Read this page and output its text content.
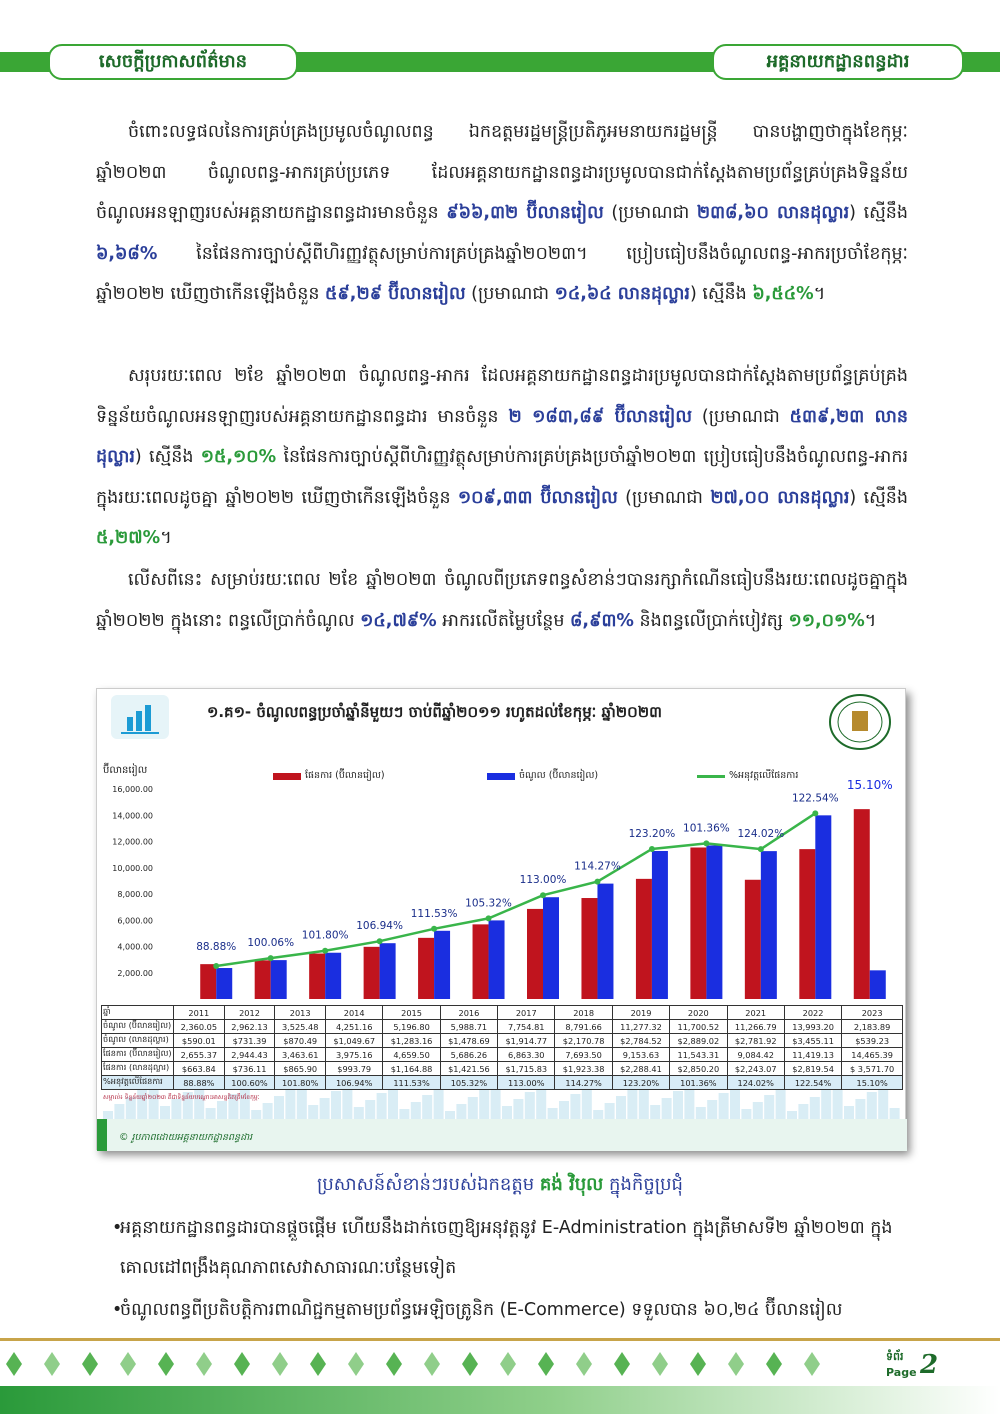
សេចក្តីប្រកាសព័ត៌មាន	អគ្គនាយកដ្ឋានពន្ធដារ
ចំពោះលទ្ធផលនៃការគ្រប់គ្រងប្រមូលចំណូលពន្ធ ឯកឧត្តមរដ្ឋមន្ត្រីប្រតិភូអមនាយករដ្ឋមន្ត្រី បានបង្ហាញថាក្នុងខែកុម្ភៈ ឆ្នាំ២០២៣ ចំណូលពន្ធ-អាករគ្រប់ប្រភេទ ដែលអគ្គនាយកដ្ឋានពន្ធដារប្រមូលបានជាក់ស្តែងតាមប្រព័ន្ធគ្រប់គ្រងទិន្នន័យចំណូលអនឡាញរបស់អគ្គនាយកដ្ឋានពន្ធដារមានចំនួន ៩៦៦,៣២ ប៊ីលានរៀល (ប្រមាណជា ២៣៨,៦០ លានដុល្លារ) ស្មើនឹង ៦,៦៨% នៃផែនការច្បាប់ស្តីពីហិរញ្ញវត្ថុសម្រាប់ការគ្រប់គ្រងឆ្នាំ២០២៣។ ប្រៀបធៀបនឹងចំណូលពន្ធ-អាករប្រចាំខែកុម្ភៈ ឆ្នាំ២០២២ ឃើញថាកើនឡើងចំនួន ៥៩,២៩ ប៊ីលានរៀល (ប្រមាណជា ១៤,៦៤ លានដុល្លារ) ស្មើនឹង ៦,៥៤%។
សរុបរយៈពេល ២ខែ ឆ្នាំ២០២៣ ចំណូលពន្ធ-អាករ ដែលអគ្គនាយកដ្ឋានពន្ធដារប្រមូលបានជាក់ស្តែងតាមប្រព័ន្ធគ្រប់គ្រងទិន្នន័យចំណូលអនឡាញរបស់អគ្គនាយកដ្ឋានពន្ធដារ មានចំនួន ២ ១៨៣,៨៩ ប៊ីលានរៀល (ប្រមាណជា ៥៣៩,២៣ លានដុល្លារ) ស្មើនឹង ១៥,១០% នៃផែនការច្បាប់ស្តីពីហិរញ្ញវត្ថុសម្រាប់ការគ្រប់គ្រងប្រចាំឆ្នាំ២០២៣ ប្រៀបធៀបនឹងចំណូលពន្ធ-អាករក្នុងរយៈពេលដូចគ្នា ឆ្នាំ២០២២ ឃើញថាកើនឡើងចំនួន ១០៩,៣៣ ប៊ីលានរៀល (ប្រមាណជា ២៧,០០ លានដុល្លារ) ស្មើនឹង ៥,២៧%។
លើសពីនេះ សម្រាប់រយៈពេល ២ខែ ឆ្នាំ២០២៣ ចំណូលពីប្រភេទពន្ធសំខាន់ៗបានរក្សាកំណើនធៀបនឹងរយៈពេលដូចគ្នាក្នុងឆ្នាំ២០២២ ក្នុងនោះ ពន្ធលើប្រាក់ចំណូល ១៤,៧៩% អាករលើតម្លៃបន្ថែម ៨,៩៣% និងពន្ធលើប្រាក់បៀវត្ស ១១,០១%។
16,000.00
14,000.00
12,000.00
10,000.00
8,000.00
6,000.00
4,000.00
2,000.00
88.88% 100.06%
101.80%
106.94%
111.53%
105.32%
113.00%
114.27%
123.20% 101.36% 124.02%
122.54%
15.10%
១.គ១- ចំណូលពន្ធប្រចាំឆ្នាំនីមួយៗ ចាប់ពីឆ្នាំ២០១១ រហូតដល់ខែកុម្ភៈ ឆ្នាំ២០២៣
ប៊ីលានរៀល	ផែនការ (ប៊ីលានរៀល)	ចំណូល (ប៊ីលានរៀល)	%អនុវត្តលើផែនការ
ឆ្នាំ	2011	2012	2013	2014	2015	2016	2017	2018	2019	2020	2021	2022	2023
ចំណូល (ប៊ីលានរៀល)	2,360.05	2,962.13	3,525.48	4,251.16	5,196.80	5,988.71	7,754.81	8,791.66	11,277.32	11,700.52	11,266.79	13,993.20	2,183.89
ចំណូល (លានដុល្លារ)	$590.01	$731.39	$870.49	$1,049.67	$1,283.16	$1,478.69	$1,914.77	$2,170.78	$2,784.52	$2,889.02	$2,781.92	$3,455.11	$539.23
ផែនការ (ប៊ីលានរៀល)	2,655.37	2,944.43	3,463.61	3,975.16	4,659.50	5,686.26	6,863.30	7,693.50	9,153.63	11,543.31	9,084.42	11,419.13	14,465.39
ផែនការ (លានដុល្លារ)	$663.84	$736.11	$865.90	$993.79	$1,164.88	$1,421.56	$1,715.83	$1,923.38	$2,288.41	$2,850.20	$2,243.07	$2,819.54	$ 3,571.70
%អនុវត្តលើផែនការ	88.88%	100.60%	101.80%	106.94%	111.53%	105.32%	113.00%	114.27%	123.20%	101.36%	124.02%	122.54%	15.10%
សម្គាល់៖ ទិន្នន័យឆ្នាំ២០២៣ គឺជាទិន្នន័យបណ្តោះអាសន្នគិតត្រឹមខែកុម្ភៈ
© រូបភាពដោយអគ្គនាយកដ្ឋានពន្ធដារ
ប្រសាសន៍សំខាន់ៗរបស់ឯកឧត្តម គង់ វិបុល ក្នុងកិច្ចប្រជុំ
•
អគ្គនាយកដ្ឋានពន្ធដារបានផ្តួចផ្តើម ហើយនឹងដាក់ចេញឱ្យអនុវត្តនូវ E-Administration ក្នុងត្រីមាសទី២ ឆ្នាំ២០២៣ ក្នុងគោលដៅពង្រឹងគុណភាពសេវាសាធារណៈបន្ថែមទៀត
•
ចំណូលពន្ធពីប្រតិបត្តិការពាណិជ្ជកម្មតាមប្រព័ន្ធអេឡិចត្រូនិក (E-Commerce) ទទួលបាន ៦០,២៤ ប៊ីលានរៀល
ទំព័រ
Page 2
